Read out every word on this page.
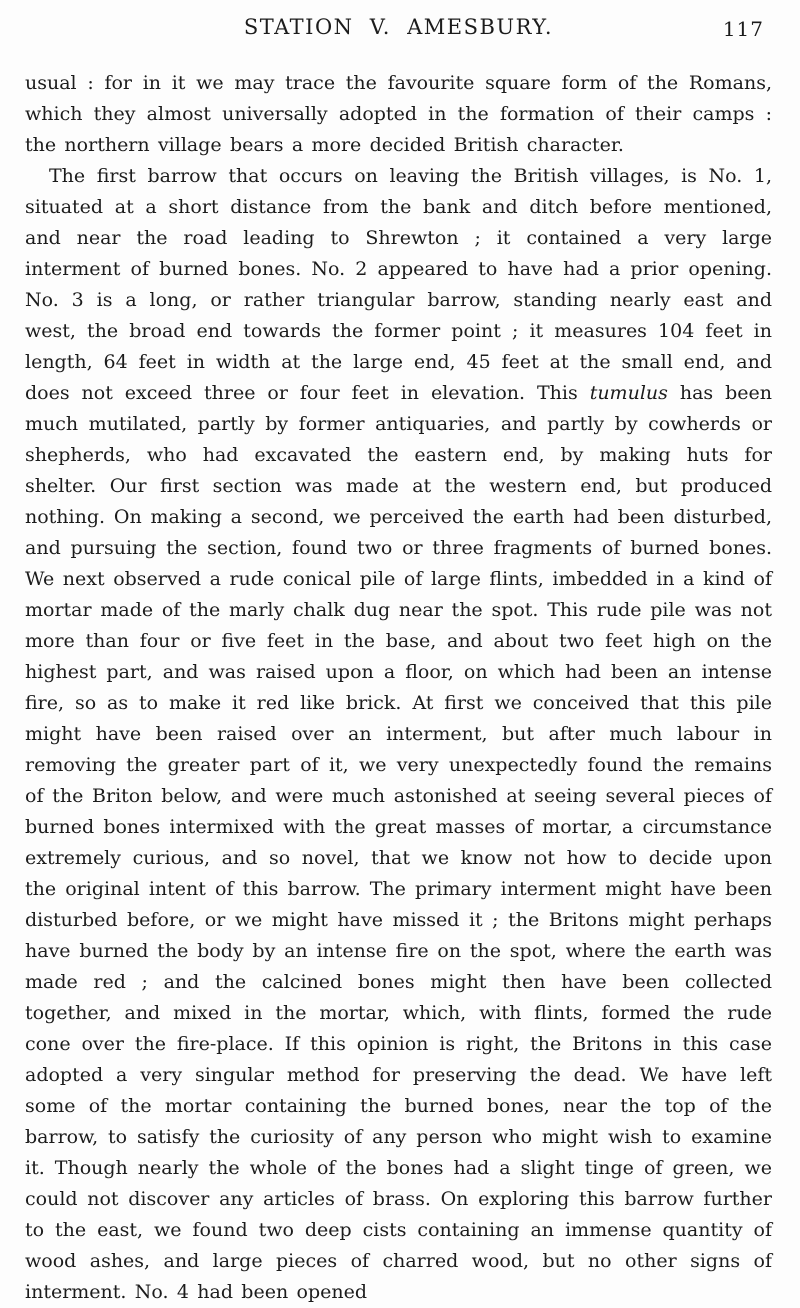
STATION V. AMESBURY.	117

usual : for in it we may trace the favourite square form of the Romans, which they almost universally adopted in the formation of their camps : the northern village bears a more decided British character.

The first barrow that occurs on leaving the British villages, is No. 1, situated at a short distance from the bank and ditch before mentioned, and near the road leading to Shrewton ; it contained a very large interment of burned bones. No. 2 appeared to have had a prior opening. No. 3 is a long, or rather triangular barrow, standing nearly east and west, the broad end towards the former point ; it measures 104 feet in length, 64 feet in width at the large end, 45 feet at the small end, and does not exceed three or four feet in elevation. This tumulus has been much mutilated, partly by former antiquaries, and partly by cowherds or shepherds, who had excavated the eastern end, by making huts for shelter. Our first section was made at the western end, but produced nothing. On making a second, we perceived the earth had been disturbed, and pursuing the section, found two or three fragments of burned bones. We next observed a rude conical pile of large flints, imbedded in a kind of mortar made of the marly chalk dug near the spot. This rude pile was not more than four or five feet in the base, and about two feet high on the highest part, and was raised upon a floor, on which had been an intense fire, so as to make it red like brick. At first we conceived that this pile might have been raised over an interment, but after much labour in removing the greater part of it, we very unexpectedly found the remains of the Briton below, and were much astonished at seeing several pieces of burned bones intermixed with the great masses of mortar, a circumstance extremely curious, and so novel, that we know not how to decide upon the original intent of this barrow. The primary interment might have been disturbed before, or we might have missed it ; the Britons might perhaps have burned the body by an intense fire on the spot, where the earth was made red ; and the calcined bones might then have been collected together, and mixed in the mortar, which, with flints, formed the rude cone over the fire-place. If this opinion is right, the Britons in this case adopted a very singular method for preserving the dead. We have left some of the mortar containing the burned bones, near the top of the barrow, to satisfy the curiosity of any person who might wish to examine it. Though nearly the whole of the bones had a slight tinge of green, we could not discover any articles of brass. On exploring this barrow further to the east, we found two deep cists containing an immense quantity of wood ashes, and large pieces of charred wood, but no other signs of interment. No. 4 had been opened
